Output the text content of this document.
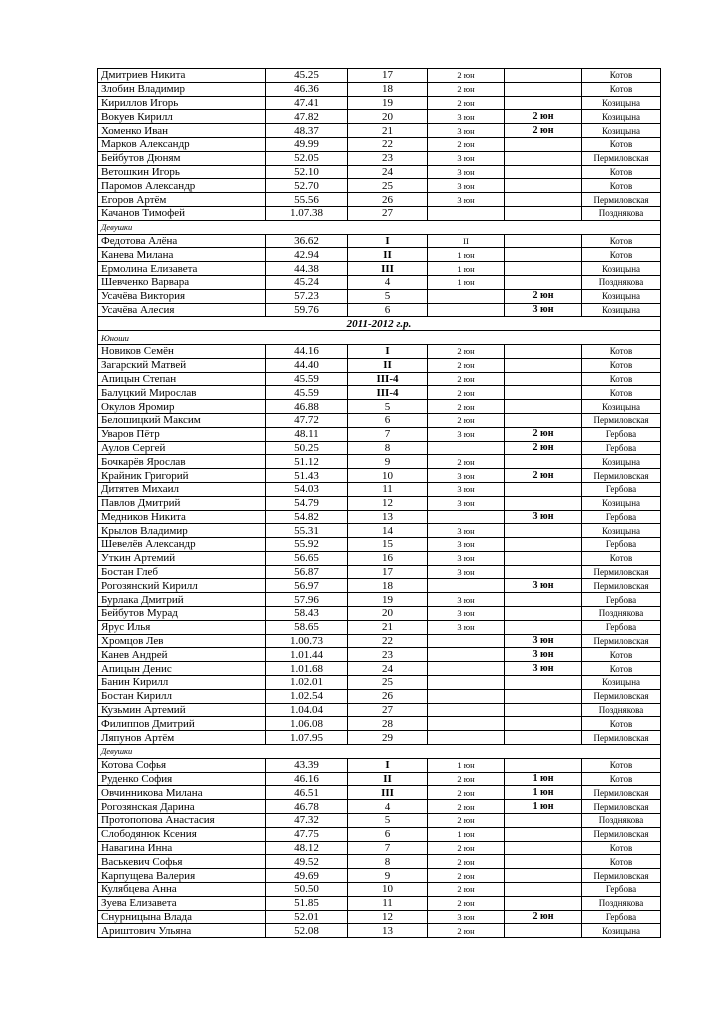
Дмитриев Никита	45.25	17	2 юн		Котов
Злобин Владимир	46.36	18	2 юн		Котов
Кириллов Игорь	47.41	19	2 юн		Козицына
Вокуев Кирилл	47.82	20	3 юн	2 юн	Козицына
Хоменко Иван	48.37	21	3 юн	2 юн	Козицына
Марков Александр	49.99	22	2 юн		Котов
Бейбутов Дюням	52.05	23	3 юн		Пермиловская
Ветошкин Игорь	52.10	24	3 юн		Котов
Паромов Александр	52.70	25	3 юн		Котов
Егоров Артём	55.56	26	3 юн		Пермиловская
Качанов Тимофей	1.07.38	27			Позднякова
Девушки					
Федотова Алёна	36.62	I	II		Котов
Канева Милана	42.94	II	1 юн		Котов
Ермолина Елизавета	44.38	III	1 юн		Козицына
Шевченко Варвара	45.24	4	1 юн		Позднякова
Усачёва Виктория	57.23	5		2 юн	Козицына
Усачёва Алесия	59.76	6		3 юн	Козицына
2011-2012 г.р.					
Юноши					
Новиков Семён	44.16	I	2 юн		Котов
Загарский Матвей	44.40	II	2 юн		Котов
Апицын Степан	45.59	III-4	2 юн		Котов
Балуцкий Мирослав	45.59	III-4	2 юн		Котов
Окулов Яромир	46.88	5	2 юн		Козицына
Белошицкий Максим	47.72	6	2 юн		Пермиловская
Уваров Пётр	48.11	7	3 юн	2 юн	Гербова
Аулов Сергей	50.25	8		2 юн	Гербова
Бочкарёв Ярослав	51.12	9	2 юн		Козицына
Крайник Григорий	51.43	10	3 юн	2 юн	Пермиловская
Дитятев Михаил	54.03	11	3 юн		Гербова
Павлов Дмитрий	54.79	12	3 юн		Козицына
Медников Никита	54.82	13		3 юн	Гербова
Крылов Владимир	55.31	14	3 юн		Козицына
Шевелёв Александр	55.92	15	3 юн		Гербова
Уткин Артемий	56.65	16	3 юн		Котов
Бостан Глеб	56.87	17	3 юн		Пермиловская
Рогозянский Кирилл	56.97	18		3 юн	Пермиловская
Бурлака Дмитрий	57.96	19	3 юн		Гербова
Бейбутов Мурад	58.43	20	3 юн		Позднякова
Ярус Илья	58.65	21	3 юн		Гербова
Хромцов Лев	1.00.73	22		3 юн	Пермиловская
Канев Андрей	1.01.44	23		3 юн	Котов
Апицын Денис	1.01.68	24		3 юн	Котов
Банин Кирилл	1.02.01	25			Козицына
Бостан Кирилл	1.02.54	26			Пермиловская
Кузьмин Артемий	1.04.04	27			Позднякова
Филиппов Дмитрий	1.06.08	28			Котов
Ляпунов Артём	1.07.95	29			Пермиловская
Девушки					
Котова Софья	43.39	I	1 юн		Котов
Руденко София	46.16	II	2 юн	1 юн	Котов
Овчинникова Милана	46.51	III	2 юн	1 юн	Пермиловская
Рогозянская Дарина	46.78	4	2 юн	1 юн	Пермиловская
Протопопова Анастасия	47.32	5	2 юн		Позднякова
Слободянюк Ксения	47.75	6	1 юн		Пермиловская
Навагина Инна	48.12	7	2 юн		Котов
Васькевич Софья	49.52	8	2 юн		Котов
Карпущева Валерия	49.69	9	2 юн		Пермиловская
Кулябцева Анна	50.50	10	2 юн		Гербова
Зуева Елизавета	51.85	11	2 юн		Позднякова
Снурницына Влада	52.01	12	3 юн	2 юн	Гербова
Ариштович Ульяна	52.08	13	2 юн		Козицына
